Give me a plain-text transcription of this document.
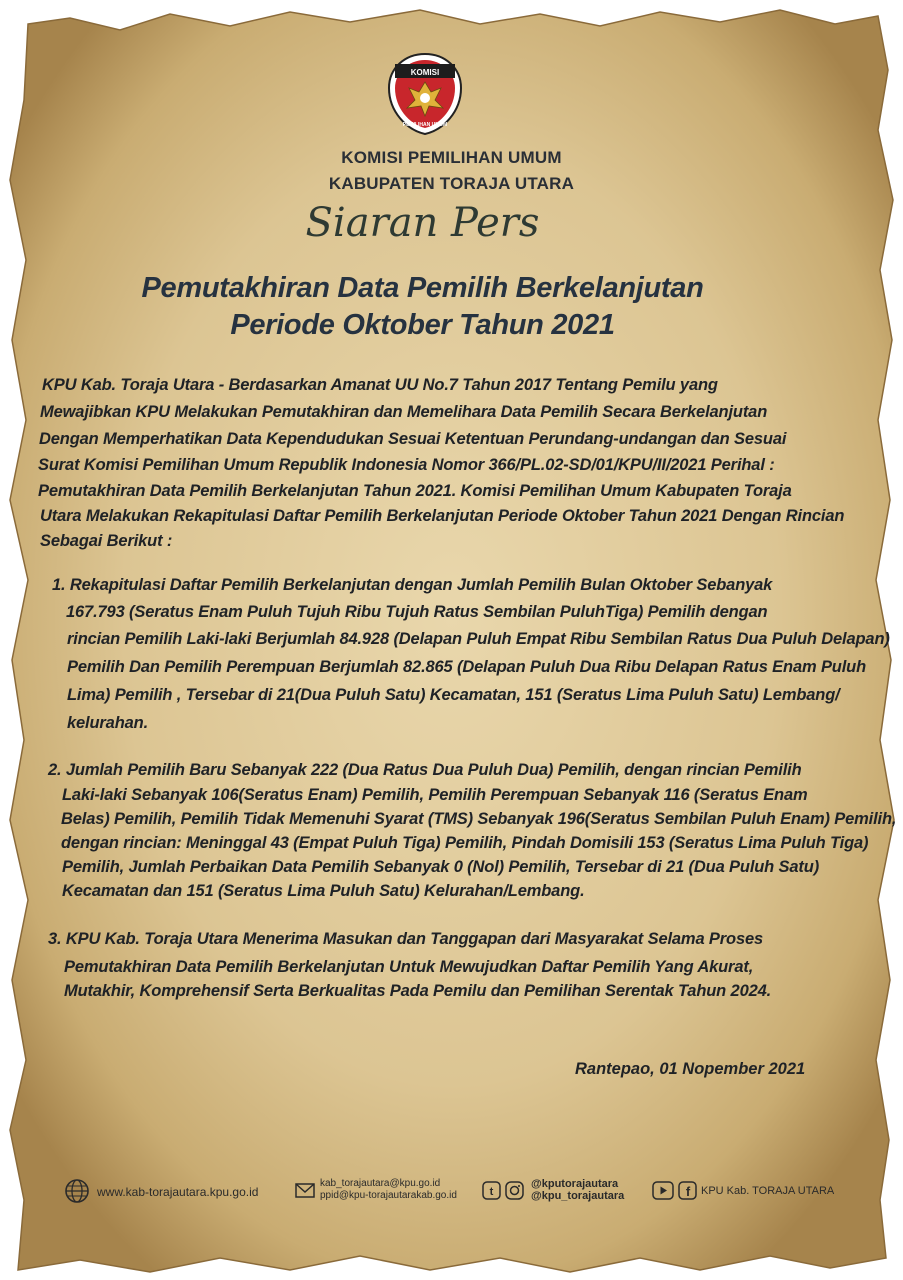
KOMISI
PEMILIHAN UMUM
KOMISI PEMILIHAN UMUM
KABUPATEN TORAJA UTARA
Siaran Pers
Pemutakhiran Data Pemilih Berkelanjutan
Periode Oktober Tahun 2021
KPU Kab. Toraja Utara - Berdasarkan Amanat UU No.7 Tahun 2017 Tentang Pemilu yang
Mewajibkan KPU Melakukan Pemutakhiran dan Memelihara Data Pemilih Secara Berkelanjutan
Dengan Memperhatikan Data Kependudukan Sesuai Ketentuan Perundang-undangan dan Sesuai
Surat Komisi Pemilihan Umum Republik Indonesia Nomor 366/PL.02-SD/01/KPU/II/2021 Perihal :
Pemutakhiran Data Pemilih Berkelanjutan Tahun 2021. Komisi Pemilihan Umum Kabupaten Toraja
Utara Melakukan Rekapitulasi Daftar Pemilih Berkelanjutan Periode Oktober Tahun 2021 Dengan Rincian
Sebagai Berikut :
1. Rekapitulasi Daftar Pemilih Berkelanjutan dengan Jumlah Pemilih Bulan Oktober Sebanyak
167.793 (Seratus Enam Puluh Tujuh Ribu Tujuh Ratus Sembilan PuluhTiga) Pemilih dengan
rincian Pemilih Laki-laki Berjumlah 84.928 (Delapan Puluh Empat Ribu Sembilan Ratus Dua Puluh Delapan)
Pemilih Dan Pemilih Perempuan Berjumlah 82.865 (Delapan Puluh Dua Ribu Delapan Ratus Enam Puluh
Lima) Pemilih , Tersebar di 21(Dua Puluh Satu) Kecamatan, 151 (Seratus Lima Puluh Satu) Lembang/
kelurahan.
2. Jumlah Pemilih Baru Sebanyak 222 (Dua Ratus Dua Puluh Dua) Pemilih, dengan rincian Pemilih
Laki-laki Sebanyak 106(Seratus Enam) Pemilih, Pemilih Perempuan Sebanyak 116 (Seratus Enam
Belas) Pemilih, Pemilih Tidak Memenuhi Syarat (TMS) Sebanyak 196(Seratus Sembilan Puluh Enam) Pemilih,
dengan rincian: Meninggal 43 (Empat Puluh Tiga) Pemilih, Pindah Domisili 153 (Seratus Lima Puluh Tiga)
Pemilih, Jumlah Perbaikan Data Pemilih Sebanyak 0 (Nol) Pemilih, Tersebar di 21 (Dua Puluh Satu)
Kecamatan dan 151 (Seratus Lima Puluh Satu) Kelurahan/Lembang.
3. KPU Kab. Toraja Utara Menerima Masukan dan Tanggapan dari Masyarakat Selama Proses
Pemutakhiran Data Pemilih Berkelanjutan Untuk Mewujudkan Daftar Pemilih Yang Akurat,
Mutakhir, Komprehensif Serta Berkualitas Pada Pemilu dan Pemilihan Serentak Tahun 2024.
Rantepao, 01 Nopember 2021
www.kab-torajautara.kpu.go.id
kab_torajautara@kpu.go.id
ppid@kpu-torajautarakab.go.id	t
@kputorajautara
@kpu_torajautara	f KPU Kab. TORAJA UTARA
